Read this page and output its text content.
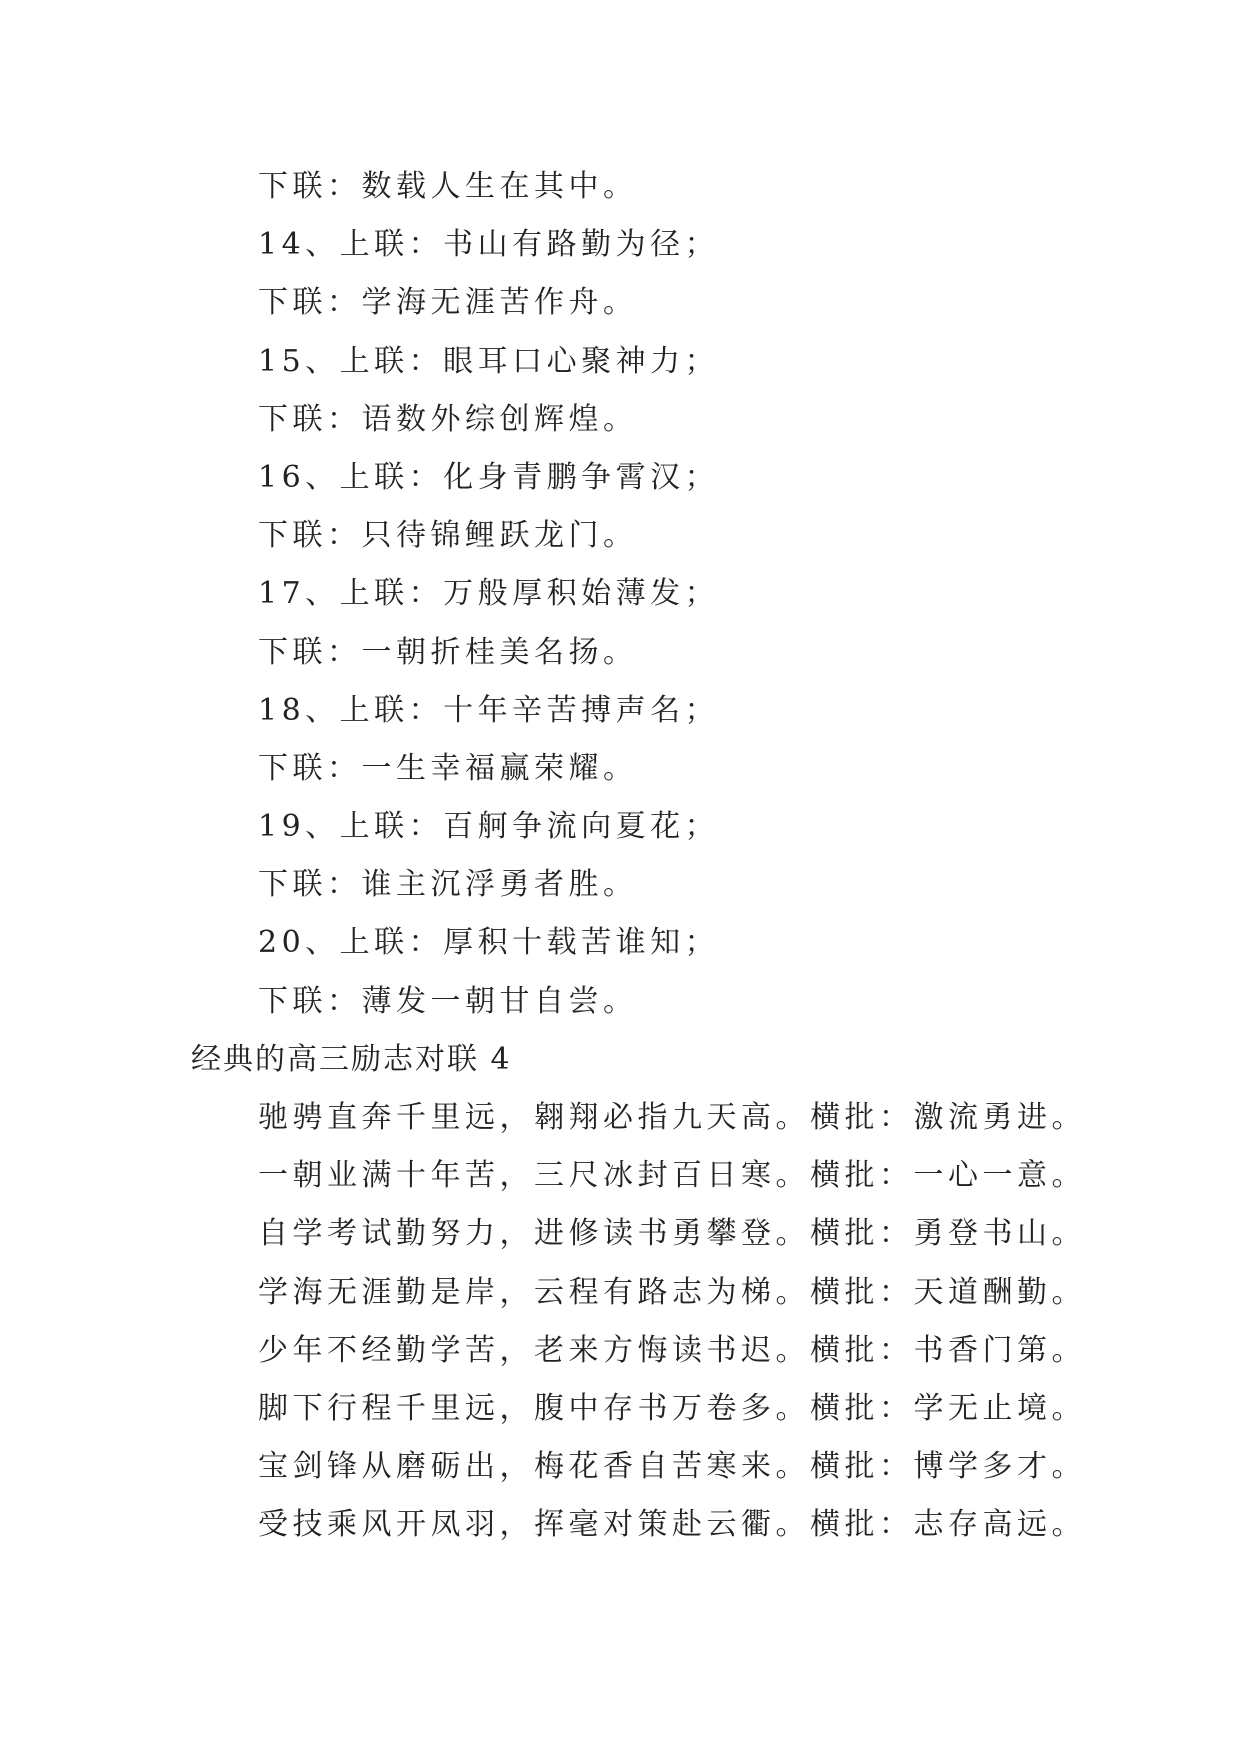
下联：数载人生在其中。
14、上联：书山有路勤为径；
下联：学海无涯苦作舟。
15、上联：眼耳口心聚神力；
下联：语数外综创辉煌。
16、上联：化身青鹏争霄汉；
下联：只待锦鲤跃龙门。
17、上联：万般厚积始薄发；
下联：一朝折桂美名扬。
18、上联：十年辛苦搏声名；
下联：一生幸福赢荣耀。
19、上联：百舸争流向夏花；
下联：谁主沉浮勇者胜。
20、上联：厚积十载苦谁知；
下联：薄发一朝甘自尝。
经典的高三励志对联 4
驰骋直奔千里远，翱翔必指九天高。横批：激流勇进。
一朝业满十年苦，三尺冰封百日寒。横批：一心一意。
自学考试勤努力，进修读书勇攀登。横批：勇登书山。
学海无涯勤是岸，云程有路志为梯。横批：天道酬勤。
少年不经勤学苦，老来方悔读书迟。横批：书香门第。
脚下行程千里远，腹中存书万卷多。横批：学无止境。
宝剑锋从磨砺出，梅花香自苦寒来。横批：博学多才。
受技乘风开凤羽，挥毫对策赴云衢。横批：志存高远。
